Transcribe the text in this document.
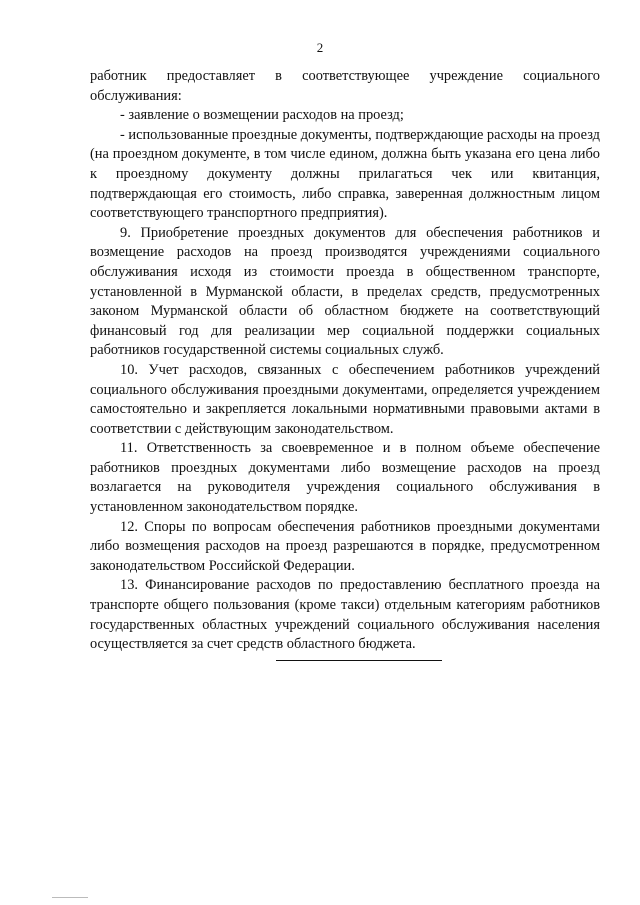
2

работник предоставляет в соответствующее учреждение социального обслуживания:

- заявление о возмещении расходов на проезд;

- использованные проездные документы, подтверждающие расходы на проезд (на проездном документе, в том числе едином, должна быть указана его цена либо к проездному документу должны прилагаться чек или квитанция, подтверждающая его стоимость, либо справка, заверенная должностным лицом соответствующего транспортного предприятия).

9. Приобретение проездных документов для обеспечения работников и возмещение расходов на проезд производятся учреждениями социального обслуживания исходя из стоимости проезда в общественном транспорте, установленной в Мурманской области, в пределах средств, предусмотренных законом Мурманской области об областном бюджете на соответствующий финансовый год для реализации мер социальной поддержки социальных работников государственной системы социальных служб.

10. Учет расходов, связанных с обеспечением работников учреждений социального обслуживания проездными документами, определяется учреждением самостоятельно и закрепляется локальными нормативными правовыми актами в соответствии с действующим законодательством.

11. Ответственность за своевременное и в полном объеме обеспечение работников проездных документами либо возмещение расходов на проезд возлагается на руководителя учреждения социального обслуживания в установленном законодательством порядке.

12. Споры по вопросам обеспечения работников проездными документами либо возмещения расходов на проезд разрешаются в порядке, предусмотренном законодательством Российской Федерации.

13. Финансирование расходов по предоставлению бесплатного проезда на транспорте общего пользования (кроме такси) отдельным категориям работников государственных областных учреждений социального обслуживания населения осуществляется за счет средств областного бюджета.
